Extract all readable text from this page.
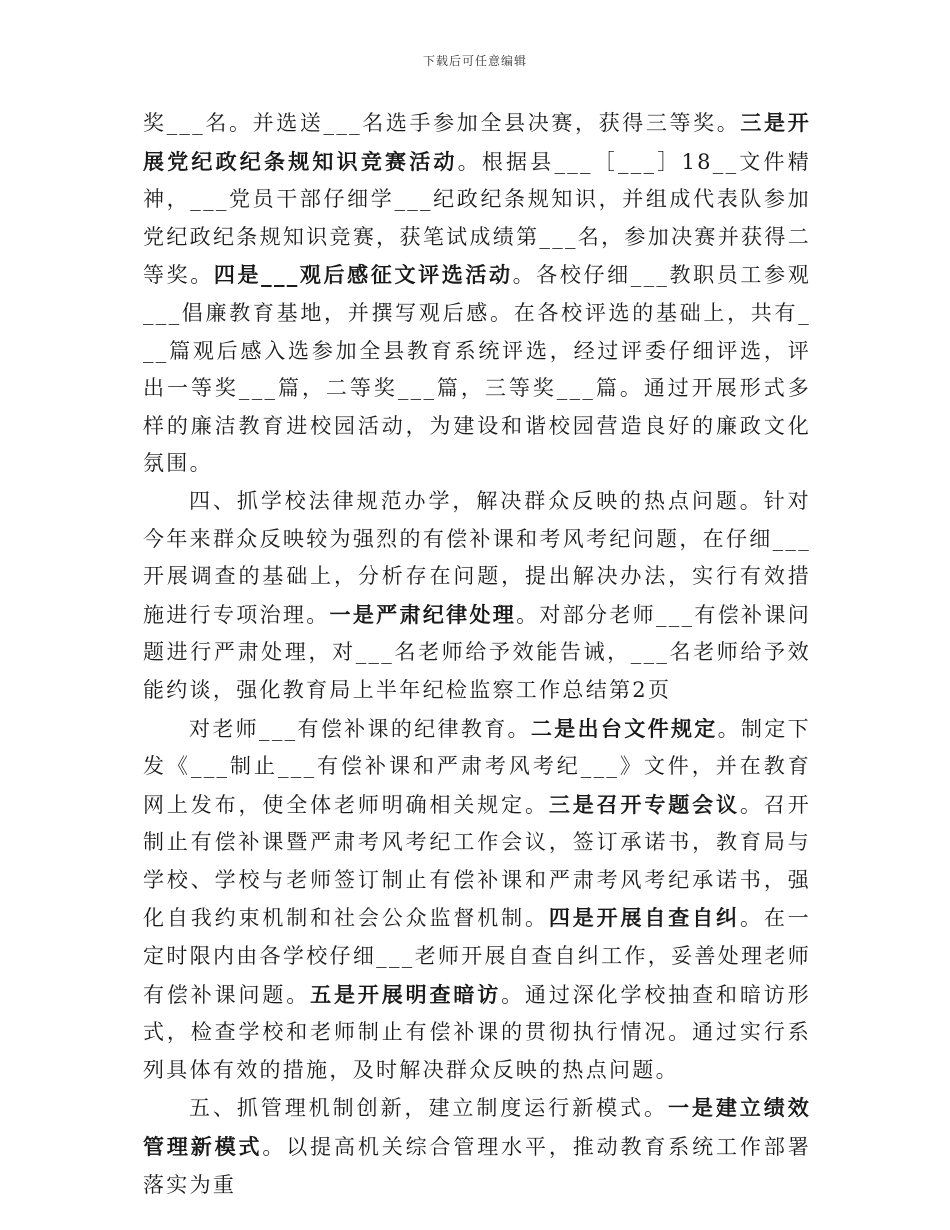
下载后可任意编辑

奖___名。并选送___名选手参加全县决赛，获得三等奖。三是开展党纪政纪条规知识竞赛活动。根据县___［___］18__文件精神，___党员干部仔细学___纪政纪条规知识，并组成代表队参加党纪政纪条规知识竞赛，获笔试成绩第___名，参加决赛并获得二等奖。四是___观后感征文评选活动。各校仔细___教职员工参观___倡廉教育基地，并撰写观后感。在各校评选的基础上，共有___篇观后感入选参加全县教育系统评选，经过评委仔细评选，评出一等奖___篇，二等奖___篇，三等奖___篇。通过开展形式多样的廉洁教育进校园活动，为建设和谐校园营造良好的廉政文化氛围。

四、抓学校法律规范办学，解决群众反映的热点问题。针对今年来群众反映较为强烈的有偿补课和考风考纪问题，在仔细___开展调查的基础上，分析存在问题，提出解决办法，实行有效措施进行专项治理。一是严肃纪律处理。对部分老师___有偿补课问题进行严肃处理，对___名老师给予效能告诫，___名老师给予效能约谈，强化教育局上半年纪检监察工作总结第2页

对老师___有偿补课的纪律教育。二是出台文件规定。制定下发《___制止___有偿补课和严肃考风考纪___》文件，并在教育网上发布，使全体老师明确相关规定。三是召开专题会议。召开制止有偿补课暨严肃考风考纪工作会议，签订承诺书，教育局与学校、学校与老师签订制止有偿补课和严肃考风考纪承诺书，强化自我约束机制和社会公众监督机制。四是开展自查自纠。在一定时限内由各学校仔细___老师开展自查自纠工作，妥善处理老师有偿补课问题。五是开展明查暗访。通过深化学校抽查和暗访形式，检查学校和老师制止有偿补课的贯彻执行情况。通过实行系列具体有效的措施，及时解决群众反映的热点问题。

五、抓管理机制创新，建立制度运行新模式。一是建立绩效管理新模式。以提高机关综合管理水平，推动教育系统工作部署落实为重
